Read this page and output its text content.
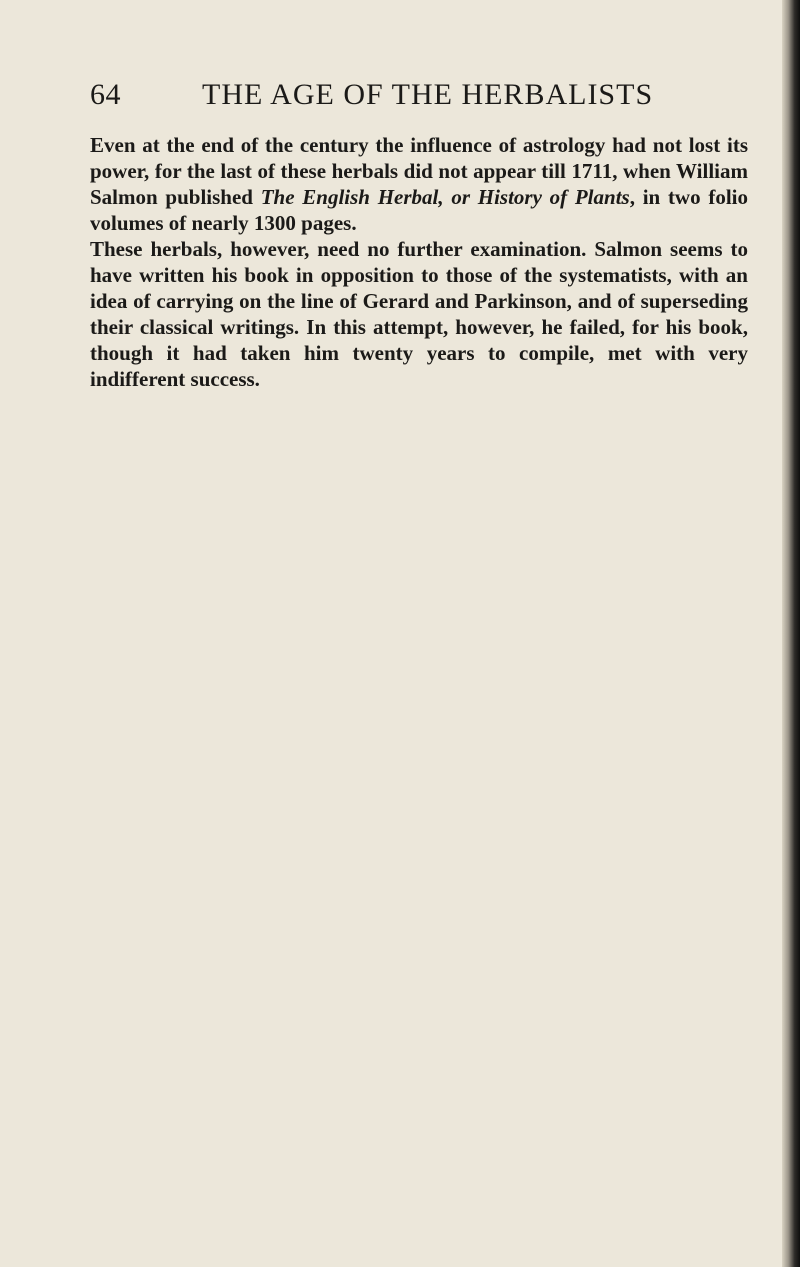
64	THE AGE OF THE HERBALISTS

Even at the end of the century the influence of astrology had not lost its power, for the last of these herbals did not appear till 1711, when William Salmon published The English Herbal, or History of Plants, in two folio volumes of nearly 1300 pages.

These herbals, however, need no further examination. Salmon seems to have written his book in opposition to those of the systematists, with an idea of carrying on the line of Gerard and Parkinson, and of superseding their classical writings. In this attempt, however, he failed, for his book, though it had taken him twenty years to compile, met with very indifferent success.
